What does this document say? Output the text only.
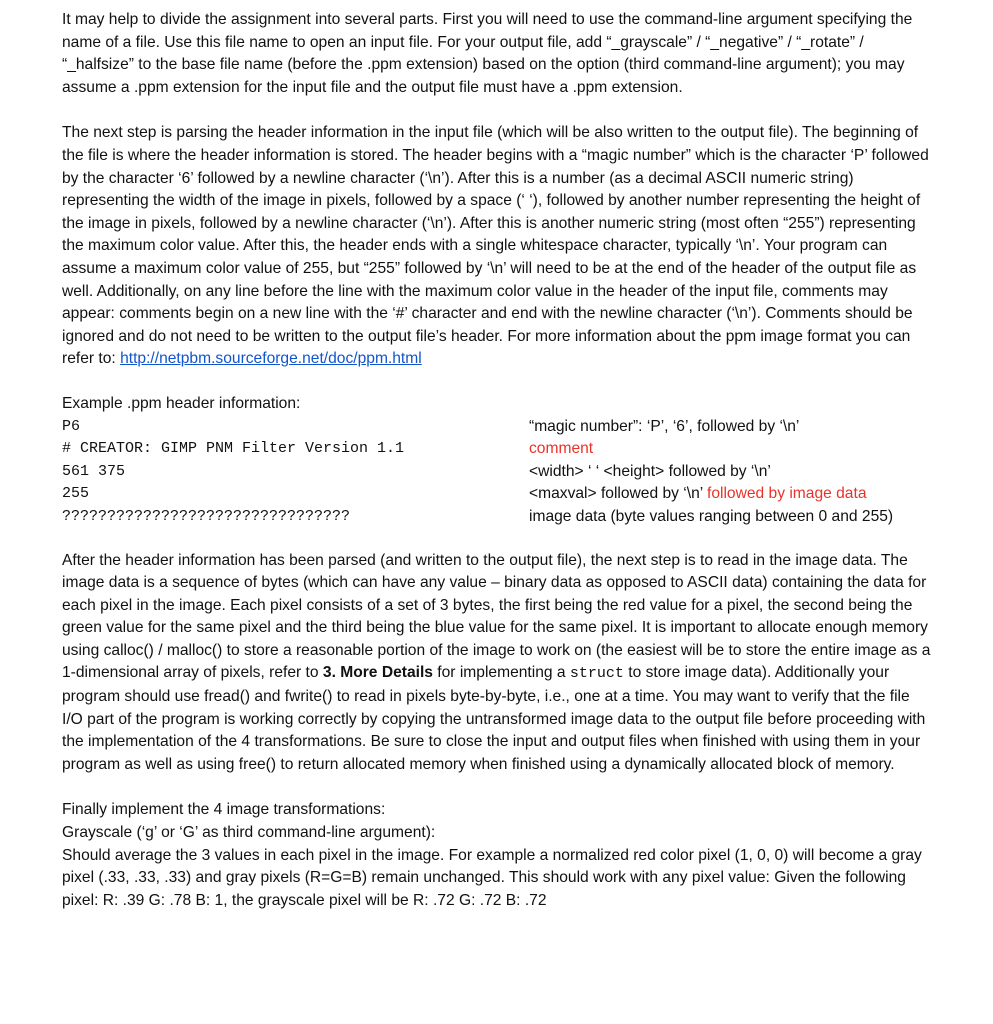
It may help to divide the assignment into several parts. First you will need to use the command-line argument specifying the name of a file. Use this file name to open an input file. For your output file, add “_grayscale” / “_negative” / “_rotate” / “_halfsize” to the base file name (before the .ppm extension) based on the option (third command-line argument); you may assume a .ppm extension for the input file and the output file must have a .ppm extension.

The next step is parsing the header information in the input file (which will be also written to the output file). The beginning of the file is where the header information is stored. The header begins with a “magic number” which is the character ‘P’ followed by the character ‘6’ followed by a newline character (‘\n’). After this is a number (as a decimal ASCII numeric string) representing the width of the image in pixels, followed by a space (‘ ‘), followed by another number representing the height of the image in pixels, followed by a newline character (‘\n’). After this is another numeric string (most often “255”) representing the maximum color value. After this, the header ends with a single whitespace character, typically ‘\n’. Your program can assume a maximum color value of 255, but “255” followed by ‘\n’ will need to be at the end of the header of the output file as well. Additionally, on any line before the line with the maximum color value in the header of the input file, comments may appear: comments begin on a new line with the ‘#’ character and end with the newline character (‘\n’). Comments should be ignored and do not need to be written to the output file’s header. For more information about the ppm image format you can refer to: http://netpbm.sourceforge.net/doc/ppm.html

Example .ppm header information:

P6	“magic number”: ‘P’, ‘6’, followed by ‘\n’
# CREATOR: GIMP PNM Filter Version 1.1	comment
561 375	<width> ‘ ‘ <height> followed by ‘\n’
255	<maxval> followed by ‘\n’ followed by image data
????????????????????????????????	image data (byte values ranging between 0 and 255)

After the header information has been parsed (and written to the output file), the next step is to read in the image data. The image data is a sequence of bytes (which can have any value – binary data as opposed to ASCII data) containing the data for each pixel in the image. Each pixel consists of a set of 3 bytes, the first being the red value for a pixel, the second being the green value for the same pixel and the third being the blue value for the same pixel. It is important to allocate enough memory using calloc() / malloc() to store a reasonable portion of the image to work on (the easiest will be to store the entire image as a 1-dimensional array of pixels, refer to 3. More Details for implementing a struct to store image data). Additionally your program should use fread() and fwrite() to read in pixels byte-by-byte, i.e., one at a time. You may want to verify that the file I/O part of the program is working correctly by copying the untransformed image data to the output file before proceeding with the implementation of the 4 transformations. Be sure to close the input and output files when finished with using them in your program as well as using free() to return allocated memory when finished using a dynamically allocated block of memory.

Finally implement the 4 image transformations:

Grayscale (‘g’ or ‘G’ as third command-line argument):

Should average the 3 values in each pixel in the image. For example a normalized red color pixel (1, 0, 0) will become a gray pixel (.33, .33, .33) and gray pixels (R=G=B) remain unchanged. This should work with any pixel value: Given the following pixel: R: .39 G: .78 B: 1, the grayscale pixel will be R: .72 G: .72 B: .72
